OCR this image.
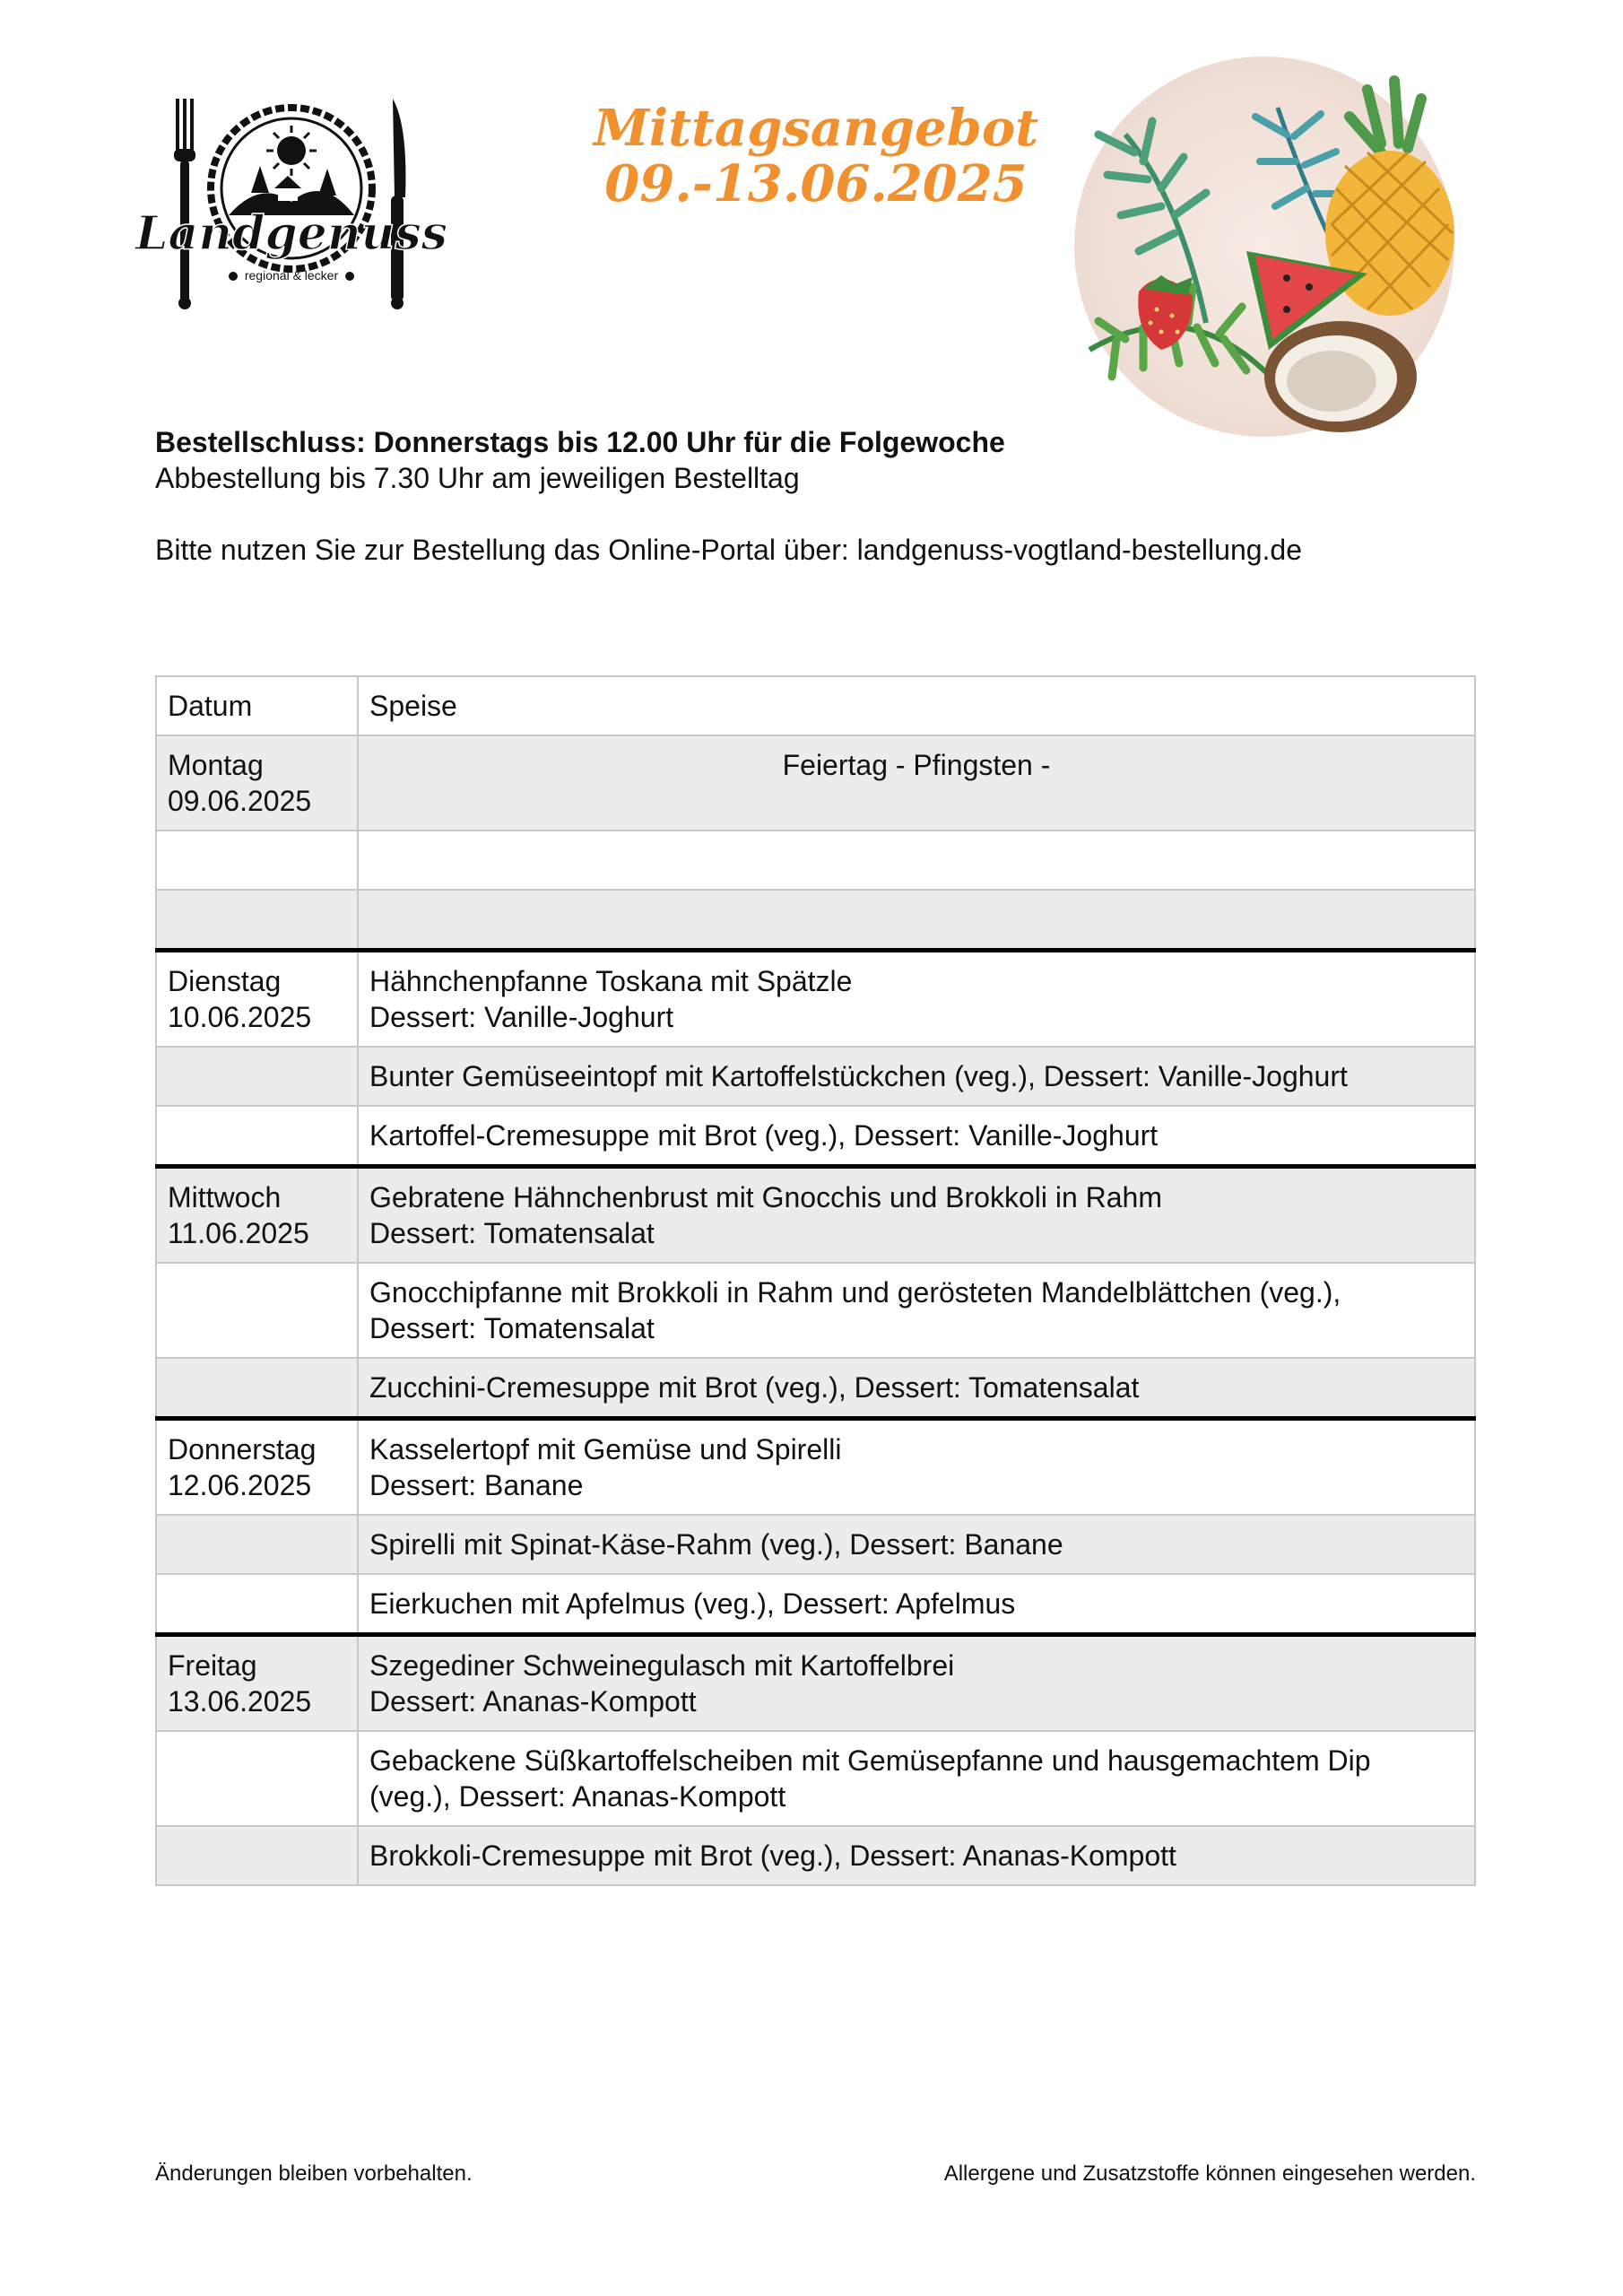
Landgenuss
regional & lecker
Mittagsangebot
09.-13.06.2025
Bestellschluss: Donnerstags bis 12.00 Uhr für die Folgewoche
Abbestellung bis 7.30 Uhr am jeweiligen Bestelltag
Bitte nutzen Sie zur Bestellung das Online-Portal über: landgenuss-vogtland-bestellung.de
Datum	Speise

Montag
09.06.2025	Feiertag - Pfingsten -

Dienstag
10.06.2025	Hähnchenpfanne Toskana mit Spätzle
Dessert: Vanille-Joghurt

	Bunter Gemüseeintopf mit Kartoffelstückchen (veg.), Dessert: Vanille-Joghurt

	Kartoffel-Cremesuppe mit Brot (veg.), Dessert: Vanille-Joghurt

Mittwoch
11.06.2025	Gebratene Hähnchenbrust mit Gnocchis und Brokkoli in Rahm
Dessert: Tomatensalat

	Gnocchipfanne mit Brokkoli in Rahm und gerösteten Mandelblättchen (veg.),
Dessert: Tomatensalat

	Zucchini-Cremesuppe mit Brot (veg.), Dessert: Tomatensalat

Donnerstag
12.06.2025	Kasselertopf mit Gemüse und Spirelli
Dessert: Banane

	Spirelli mit Spinat-Käse-Rahm (veg.), Dessert: Banane

	Eierkuchen mit Apfelmus (veg.), Dessert: Apfelmus

Freitag
13.06.2025	Szegediner Schweinegulasch mit Kartoffelbrei
Dessert: Ananas-Kompott

	Gebackene Süßkartoffelscheiben mit Gemüsepfanne und hausgemachtem Dip
(veg.), Dessert: Ananas-Kompott

	Brokkoli-Cremesuppe mit Brot (veg.), Dessert: Ananas-Kompott
Änderungen bleiben vorbehalten.	Allergene und Zusatzstoffe können eingesehen werden.
